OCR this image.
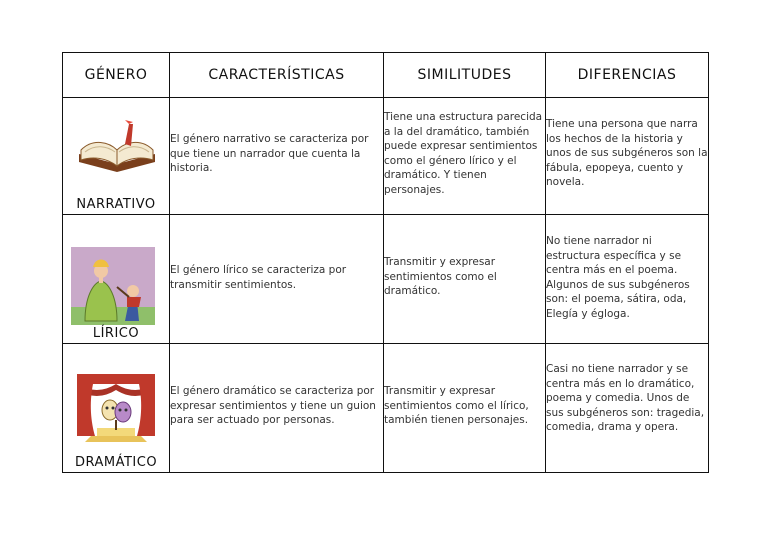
GÉNERO	CARACTERÍSTICAS	SIMILITUDES	DIFERENCIAS

NARRATIVO	El género narrativo se caracteriza por que tiene un narrador que cuenta la historia.	Tiene una estructura parecida a la del dramático, también puede expresar sentimientos como el género lírico y el dramático. Y tienen personajes.	Tiene una persona que narra los hechos de la historia y unos de sus subgéneros son la fábula, epopeya, cuento y novela.

LÍRICO	El género lírico se caracteriza por transmitir sentimientos.	Transmitir y expresar sentimientos como el dramático.	No tiene narrador ni estructura específica y se centra más en el poema. Algunos de sus subgéneros son: el poema, sátira, oda, Elegía y égloga.

DRAMÁTICO	El género dramático se caracteriza por expresar sentimientos y tiene un guion para ser actuado por personas.	Transmitir y expresar sentimientos como el lírico, también tienen personajes.	Casi no tiene narrador y se centra más en lo dramático, poema y comedia. Unos de sus subgéneros son: tragedia, comedia, drama y opera.
